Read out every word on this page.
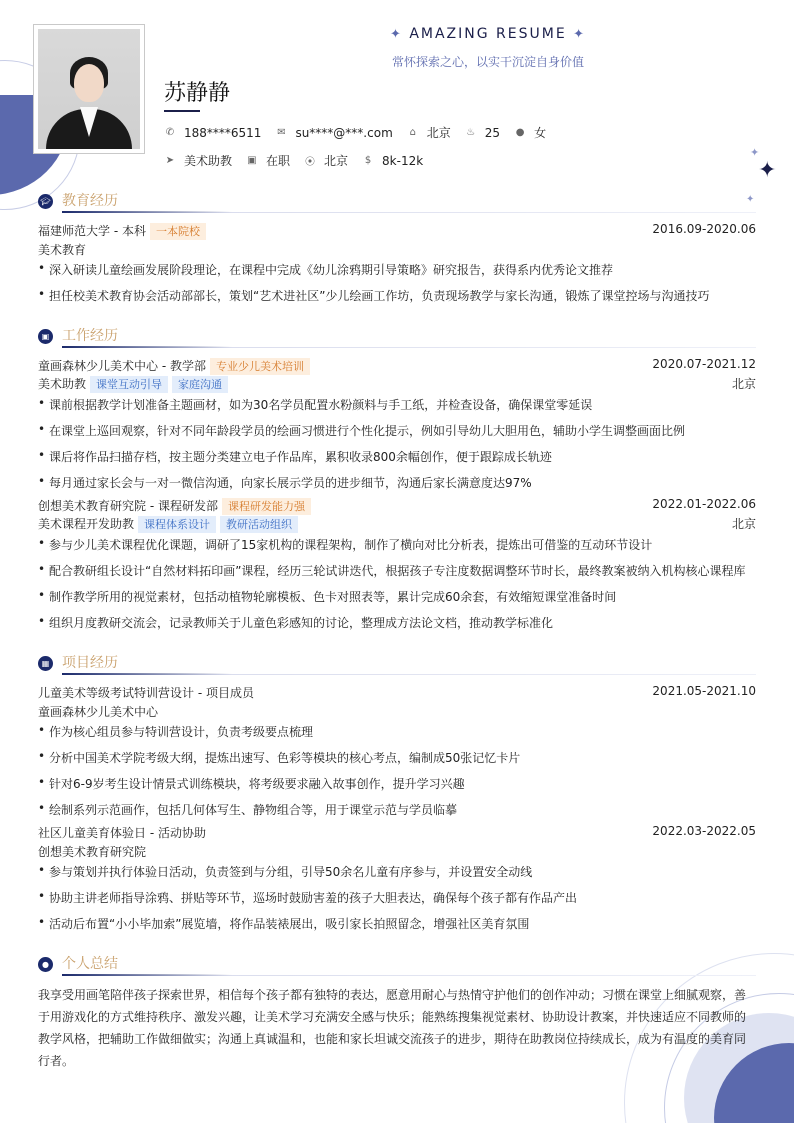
✦ AMAZING RESUME ✦
常怀探索之心，以实干沉淀自身价值
苏静静
✆ 188****6511 ✉ su****@***.com ⌂ 北京 ♨ 25 ● 女
➤ 美术助教 ▣ 在职 ⦿ 北京 $ 8k-12k
✦
✦
✦
🎓︎ 教育经历
福建师范大学 - 本科 一本院校	2016.09-2020.06
美术教育
• 深入研读儿童绘画发展阶段理论，在课程中完成《幼儿涂鸦期引导策略》研究报告，获得系内优秀论文推荐
• 担任校美术教育协会活动部部长，策划“艺术进社区”少儿绘画工作坊，负责现场教学与家长沟通，锻炼了课堂控场与沟通技巧
▣ 工作经历
童画森林少儿美术中心 - 教学部 专业少儿美术培训	2020.07-2021.12
美术助教 课堂互动引导 家庭沟通	北京
• 课前根据教学计划准备主题画材，如为30名学员配置水粉颜料与手工纸，并检查设备，确保课堂零延误
• 在课堂上巡回观察，针对不同年龄段学员的绘画习惯进行个性化提示，例如引导幼儿大胆用色，辅助小学生调整画面比例
• 课后将作品扫描存档，按主题分类建立电子作品库，累积收录800余幅创作，便于跟踪成长轨迹
• 每月通过家长会与一对一微信沟通，向家长展示学员的进步细节，沟通后家长满意度达97%
创想美术教育研究院 - 课程研发部 课程研发能力强	2022.01-2022.06
美术课程开发助教 课程体系设计 教研活动组织	北京
• 参与少儿美术课程优化课题，调研了15家机构的课程架构，制作了横向对比分析表，提炼出可借鉴的互动环节设计
• 配合教研组长设计“自然材料拓印画”课程，经历三轮试讲迭代，根据孩子专注度数据调整环节时长，最终教案被纳入机构核心课程库
• 制作教学所用的视觉素材，包括动植物轮廓模板、色卡对照表等，累计完成60余套，有效缩短课堂准备时间
• 组织月度教研交流会，记录教师关于儿童色彩感知的讨论，整理成方法论文档，推动教学标准化
▦ 项目经历
儿童美术等级考试特训营设计 - 项目成员	2021.05-2021.10
童画森林少儿美术中心
• 作为核心组员参与特训营设计，负责考级要点梳理
• 分析中国美术学院考级大纲，提炼出速写、色彩等模块的核心考点，编制成50张记忆卡片
• 针对6-9岁考生设计情景式训练模块，将考级要求融入故事创作，提升学习兴趣
• 绘制系列示范画作，包括几何体写生、静物组合等，用于课堂示范与学员临摹
社区儿童美育体验日 - 活动协助	2022.03-2022.05
创想美术教育研究院
• 参与策划并执行体验日活动，负责签到与分组，引导50余名儿童有序参与，并设置安全动线
• 协助主讲老师指导涂鸦、拼贴等环节，巡场时鼓励害羞的孩子大胆表达，确保每个孩子都有作品产出
• 活动后布置“小小毕加索”展览墙，将作品装裱展出，吸引家长拍照留念，增强社区美育氛围
● 个人总结
我享受用画笔陪伴孩子探索世界，相信每个孩子都有独特的表达，愿意用耐心与热情守护他们的创作冲动；习惯在课堂上细腻观察，善于用游戏化的方式维持秩序、激发兴趣，让美术学习充满安全感与快乐；能熟练搜集视觉素材、协助设计教案，并快速适应不同教师的教学风格，把辅助工作做细做实；沟通上真诚温和，也能和家长坦诚交流孩子的进步，期待在助教岗位持续成长，成为有温度的美育同行者。
